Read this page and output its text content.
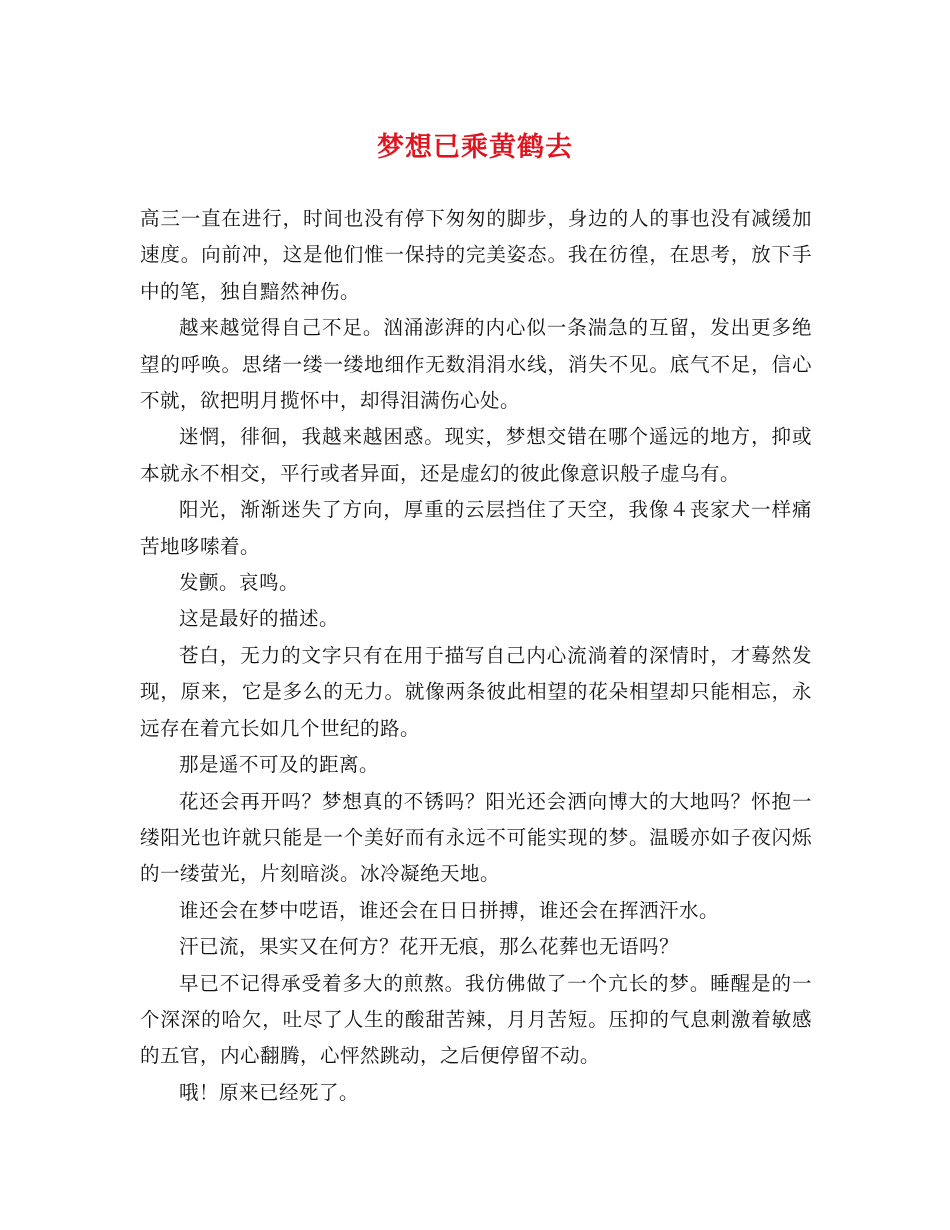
梦想已乘黄鹤去

高三一直在进行，时间也没有停下匆匆的脚步，身边的人的事也没有减缓加速度。向前冲，这是他们惟一保持的完美姿态。我在彷徨，在思考，放下手中的笔，独自黯然神伤。

越来越觉得自己不足。汹涌澎湃的内心似一条湍急的互留，发出更多绝望的呼唤。思绪一缕一缕地细作无数涓涓水线，消失不见。底气不足，信心不就，欲把明月揽怀中，却得泪满伤心处。

迷惘，徘徊，我越来越困惑。现实，梦想交错在哪个遥远的地方，抑或本就永不相交，平行或者异面，还是虚幻的彼此像意识般子虚乌有。

阳光，渐渐迷失了方向，厚重的云层挡住了天空，我像４丧家犬一样痛苦地哆嗦着。

发颤。哀鸣。

这是最好的描述。

苍白，无力的文字只有在用于描写自己内心流淌着的深情时，才蓦然发现，原来，它是多么的无力。就像两条彼此相望的花朵相望却只能相忘，永远存在着亢长如几个世纪的路。

那是遥不可及的距离。

花还会再开吗？梦想真的不锈吗？阳光还会洒向博大的大地吗？怀抱一缕阳光也许就只能是一个美好而有永远不可能实现的梦。温暖亦如子夜闪烁的一缕萤光，片刻暗淡。冰冷凝绝天地。

谁还会在梦中呓语，谁还会在日日拼搏，谁还会在挥洒汗水。

汗已流，果实又在何方？花开无痕，那么花葬也无语吗？

早已不记得承受着多大的煎熬。我仿佛做了一个亢长的梦。睡醒是的一个深深的哈欠，吐尽了人生的酸甜苦辣，月月苦短。压抑的气息刺激着敏感的五官，内心翻腾，心怦然跳动，之后便停留不动。

哦！原来已经死了。
